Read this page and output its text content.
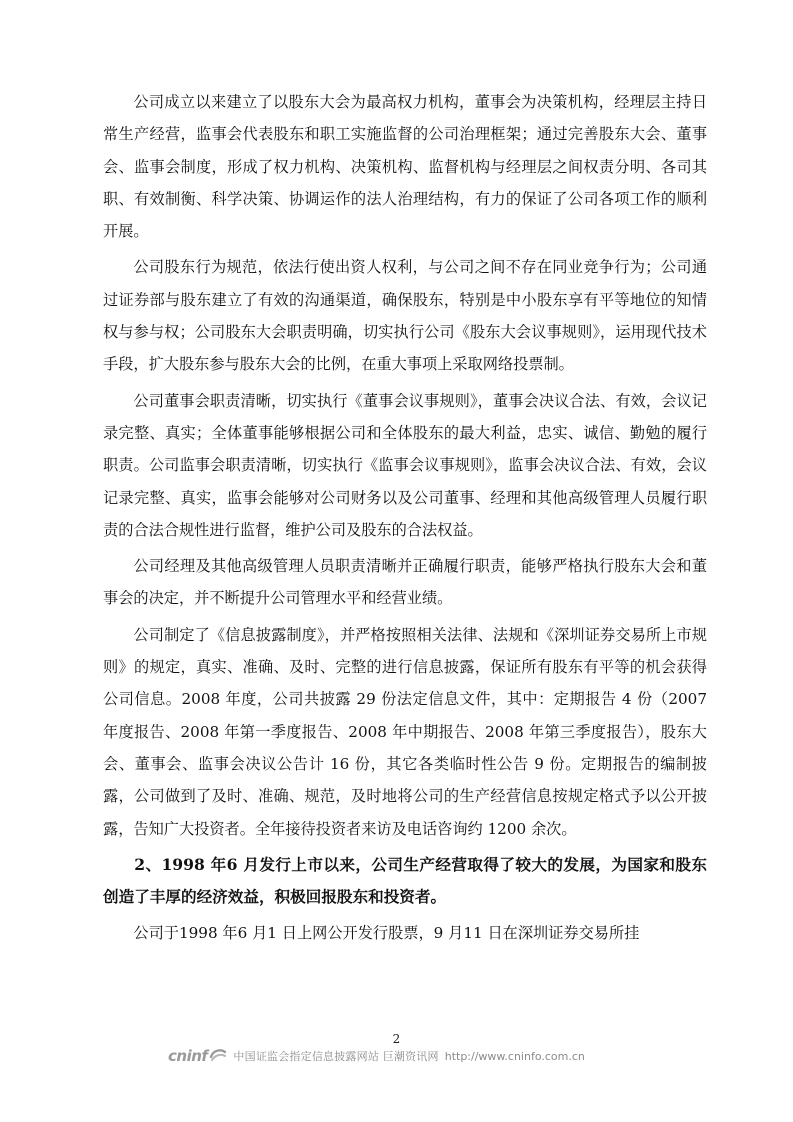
公司成立以来建立了以股东大会为最高权力机构，董事会为决策机构，经理层主持日常生产经营，监事会代表股东和职工实施监督的公司治理框架；通过完善股东大会、董事会、监事会制度，形成了权力机构、决策机构、监督机构与经理层之间权责分明、各司其职、有效制衡、科学决策、协调运作的法人治理结构，有力的保证了公司各项工作的顺利开展。

公司股东行为规范，依法行使出资人权利，与公司之间不存在同业竞争行为；公司通过证券部与股东建立了有效的沟通渠道，确保股东，特别是中小股东享有平等地位的知情权与参与权；公司股东大会职责明确，切实执行公司《股东大会议事规则》，运用现代技术手段，扩大股东参与股东大会的比例，在重大事项上采取网络投票制。

公司董事会职责清晰，切实执行《董事会议事规则》，董事会决议合法、有效，会议记录完整、真实；全体董事能够根据公司和全体股东的最大利益，忠实、诚信、勤勉的履行职责。公司监事会职责清晰，切实执行《监事会议事规则》，监事会决议合法、有效，会议记录完整、真实，监事会能够对公司财务以及公司董事、经理和其他高级管理人员履行职责的合法合规性进行监督，维护公司及股东的合法权益。

公司经理及其他高级管理人员职责清晰并正确履行职责，能够严格执行股东大会和董事会的决定，并不断提升公司管理水平和经营业绩。

公司制定了《信息披露制度》，并严格按照相关法律、法规和《深圳证券交易所上市规则》的规定，真实、准确、及时、完整的进行信息披露，保证所有股东有平等的机会获得公司信息。2008 年度，公司共披露 29 份法定信息文件，其中：定期报告 4 份（2007 年度报告、2008 年第一季度报告、2008 年中期报告、2008 年第三季度报告），股东大会、董事会、监事会决议公告计 16 份，其它各类临时性公告 9 份。定期报告的编制披露，公司做到了及时、准确、规范，及时地将公司的生产经营信息按规定格式予以公开披露，告知广大投资者。全年接待投资者来访及电话咨询约 1200 余次。

2、1998 年6 月发行上市以来，公司生产经营取得了较大的发展，为国家和股东创造了丰厚的经济效益，积极回报股东和投资者。

公司于1998 年6 月1 日上网公开发行股票，9 月11 日在深圳证券交易所挂

2
cninf 中国证监会指定信息披露网站 巨潮资讯网 http://www.cninfo.com.cn
